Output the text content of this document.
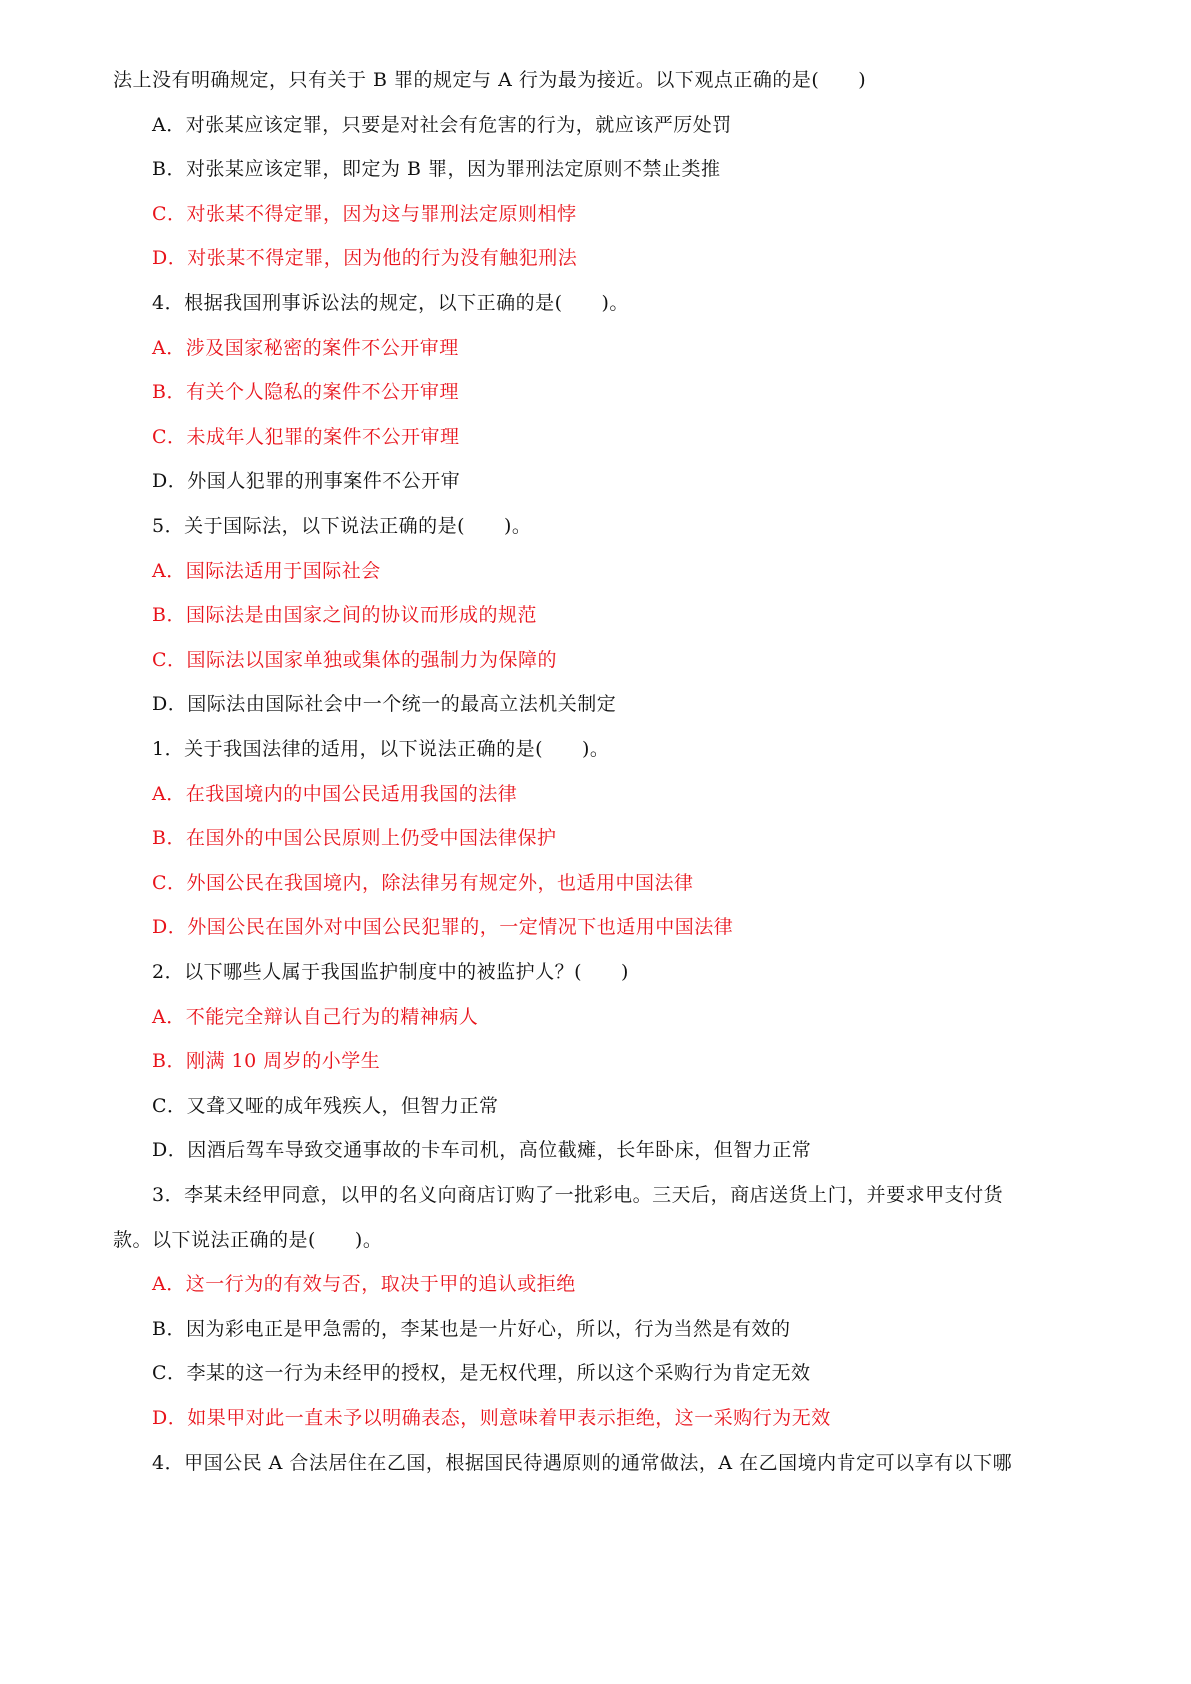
法上没有明确规定，只有关于 B 罪的规定与 A 行为最为接近。以下观点正确的是(　　)
A．对张某应该定罪，只要是对社会有危害的行为，就应该严厉处罚
B．对张某应该定罪，即定为 B 罪，因为罪刑法定原则不禁止类推
C．对张某不得定罪，因为这与罪刑法定原则相悖
D．对张某不得定罪，因为他的行为没有触犯刑法
4．根据我国刑事诉讼法的规定，以下正确的是(　　)。
A．涉及国家秘密的案件不公开审理
B．有关个人隐私的案件不公开审理
C．未成年人犯罪的案件不公开审理
D．外国人犯罪的刑事案件不公开审
5．关于国际法，以下说法正确的是(　　)。
A．国际法适用于国际社会
B．国际法是由国家之间的协议而形成的规范
C．国际法以国家单独或集体的强制力为保障的
D．国际法由国际社会中一个统一的最高立法机关制定
1．关于我国法律的适用，以下说法正确的是(　　)。
A．在我国境内的中国公民适用我国的法律
B．在国外的中国公民原则上仍受中国法律保护
C．外国公民在我国境内，除法律另有规定外，也适用中国法律
D．外国公民在国外对中国公民犯罪的，一定情况下也适用中国法律
2．以下哪些人属于我国监护制度中的被监护人？(　　)
A．不能完全辩认自己行为的精神病人
B．刚满 10 周岁的小学生
C．又聋又哑的成年残疾人，但智力正常
D．因酒后驾车导致交通事故的卡车司机，高位截瘫，长年卧床，但智力正常
3．李某未经甲同意，以甲的名义向商店订购了一批彩电。三天后，商店送货上门，并要求甲支付货
款。以下说法正确的是(　　)。
A．这一行为的有效与否，取决于甲的追认或拒绝
B．因为彩电正是甲急需的，李某也是一片好心，所以，行为当然是有效的
C．李某的这一行为未经甲的授权，是无权代理，所以这个采购行为肯定无效
D．如果甲对此一直未予以明确表态，则意味着甲表示拒绝，这一采购行为无效
4．甲国公民 A 合法居住在乙国，根据国民待遇原则的通常做法，A 在乙国境内肯定可以享有以下哪
